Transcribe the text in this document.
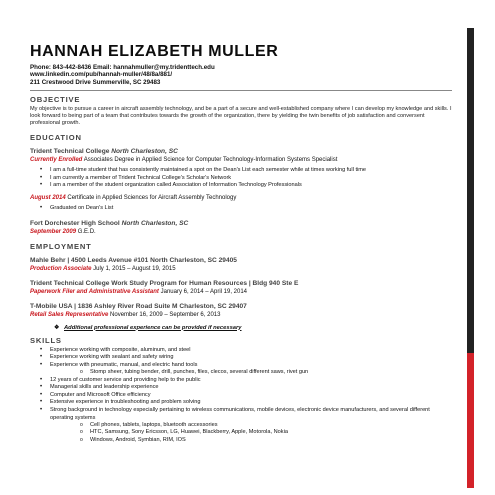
HANNAH ELIZABETH MULLER
Phone: 843-442-8436 Email: hannahmuller@my.tridenttech.edu
www.linkedin.com/pub/hannah-muller/48/8a/881/
211 Crestwood Drive Summerville, SC 29483
OBJECTIVE
My objective is to pursue a career in aircraft assembly technology, and be a part of a secure and well-established company where I can develop my knowledge and skills. I look forward to being part of a team that contributes towards the growth of the organization, there by yielding the twin benefits of job satisfaction and conversent professional growth.
EDUCATION
Trident Technical College North Charleston, SC
Currently Enrolled Associates Degree in Applied Science for Computer Technology-Information Systems Specialist
• I am a full-time student that has consistently maintained a spot on the Dean's List each semester while at times working full time
• I am currently a member of Trident Technical College's Scholar's Network
• I am a member of the student organization called Association of Information Technology Professionals
August 2014 Certificate in Applied Sciences for Aircraft Assembly Technology
• Graduated on Dean's List
Fort Dorchester High School North Charleston, SC
September 2009 G.E.D.
EMPLOYMENT
Mahle Behr | 4500 Leeds Avenue #101 North Charleston, SC 29405
Production Associate July 1, 2015 – August 19, 2015
Trident Technical College Work Study Program for Human Resources | Bldg 940 Ste E
Paperwork Filer and Administrative Assistant January 6, 2014 – April 19, 2014
T-Mobile USA | 1836 Ashley River Road Suite M Charleston, SC 29407
Retail Sales Representative November 16, 2009 – September 6, 2013
❖ Additional professional experience can be provided if necessary
SKILLS
• Experience working with composite, aluminum, and steel
• Experience working with sealant and safety wiring
• Experience with pneumatic, manual, and electric hand tools
o Stomp sheer, tubing bender, drill, punches, files, clecos, several different saws, rivet gun
• 12 years of customer service and providing help to the public
• Managerial skills and leadership experience
• Computer and Microsoft Office efficiency
• Extensive experience in troubleshooting and problem solving
• Strong background in technology especially pertaining to wireless communications, mobile devices, electronic device manufacturers, and several different operating systems
o Cell phones, tablets, laptops, bluetooth accessories
o HTC, Samsung, Sony Ericsson, LG, Huawei, Blackberry, Apple, Motorola, Nokia
o Windows, Android, Symbian, RIM, IOS
